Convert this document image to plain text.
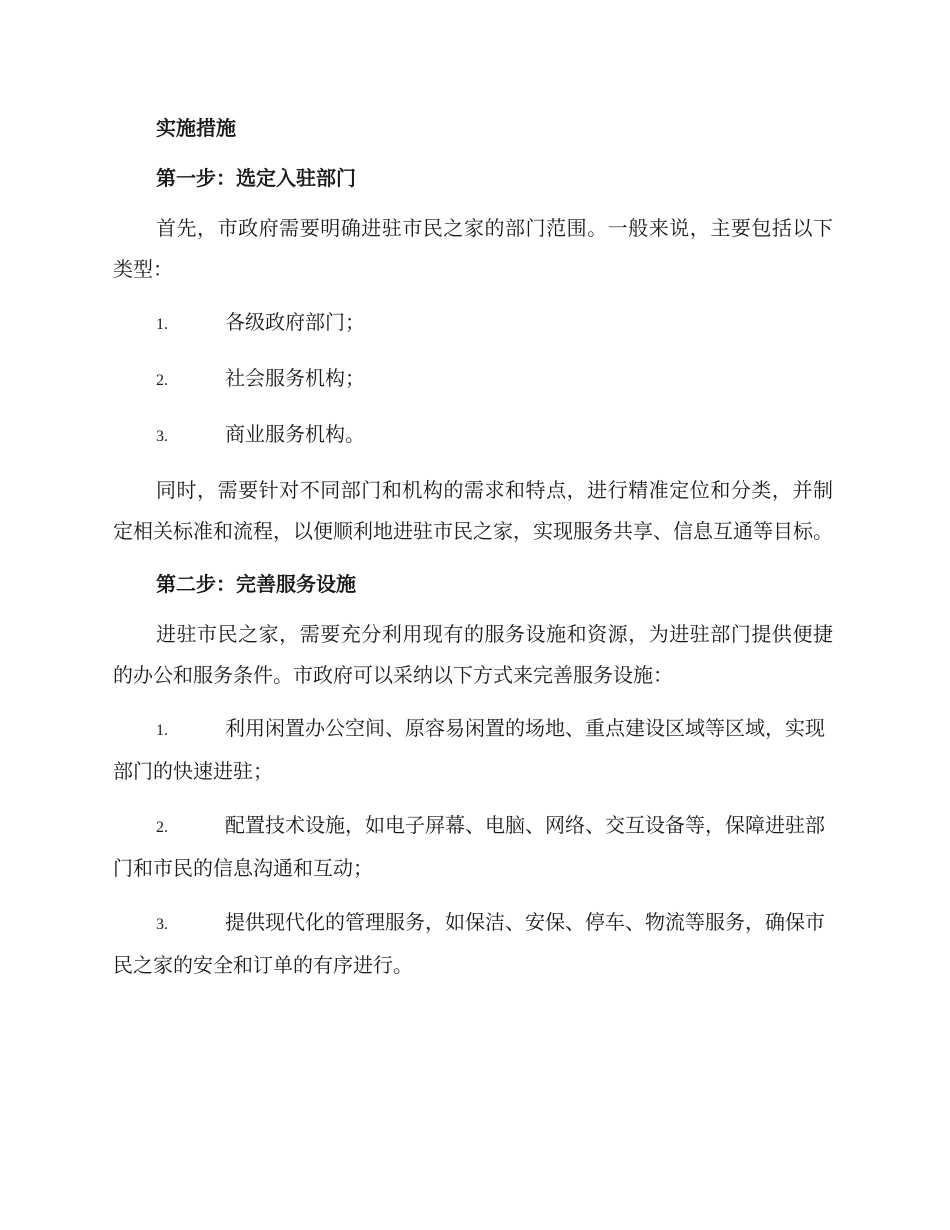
实施措施
第一步：选定入驻部门

首先，市政府需要明确进驻市民之家的部门范围。一般来说，主要包括以下类型：

1.	各级政府部门；
2.	社会服务机构；
3.	商业服务机构。

同时，需要针对不同部门和机构的需求和特点，进行精准定位和分类，并制定相关标准和流程，以便顺利地进驻市民之家，实现服务共享、信息互通等目标。

第二步：完善服务设施

进驻市民之家，需要充分利用现有的服务设施和资源，为进驻部门提供便捷的办公和服务条件。市政府可以采纳以下方式来完善服务设施：

1.	利用闲置办公空间、原容易闲置的场地、重点建设区域等区域，实现部门的快速进驻；
2.	配置技术设施，如电子屏幕、电脑、网络、交互设备等，保障进驻部门和市民的信息沟通和互动；
3.	提供现代化的管理服务，如保洁、安保、停车、物流等服务，确保市民之家的安全和订单的有序进行。
